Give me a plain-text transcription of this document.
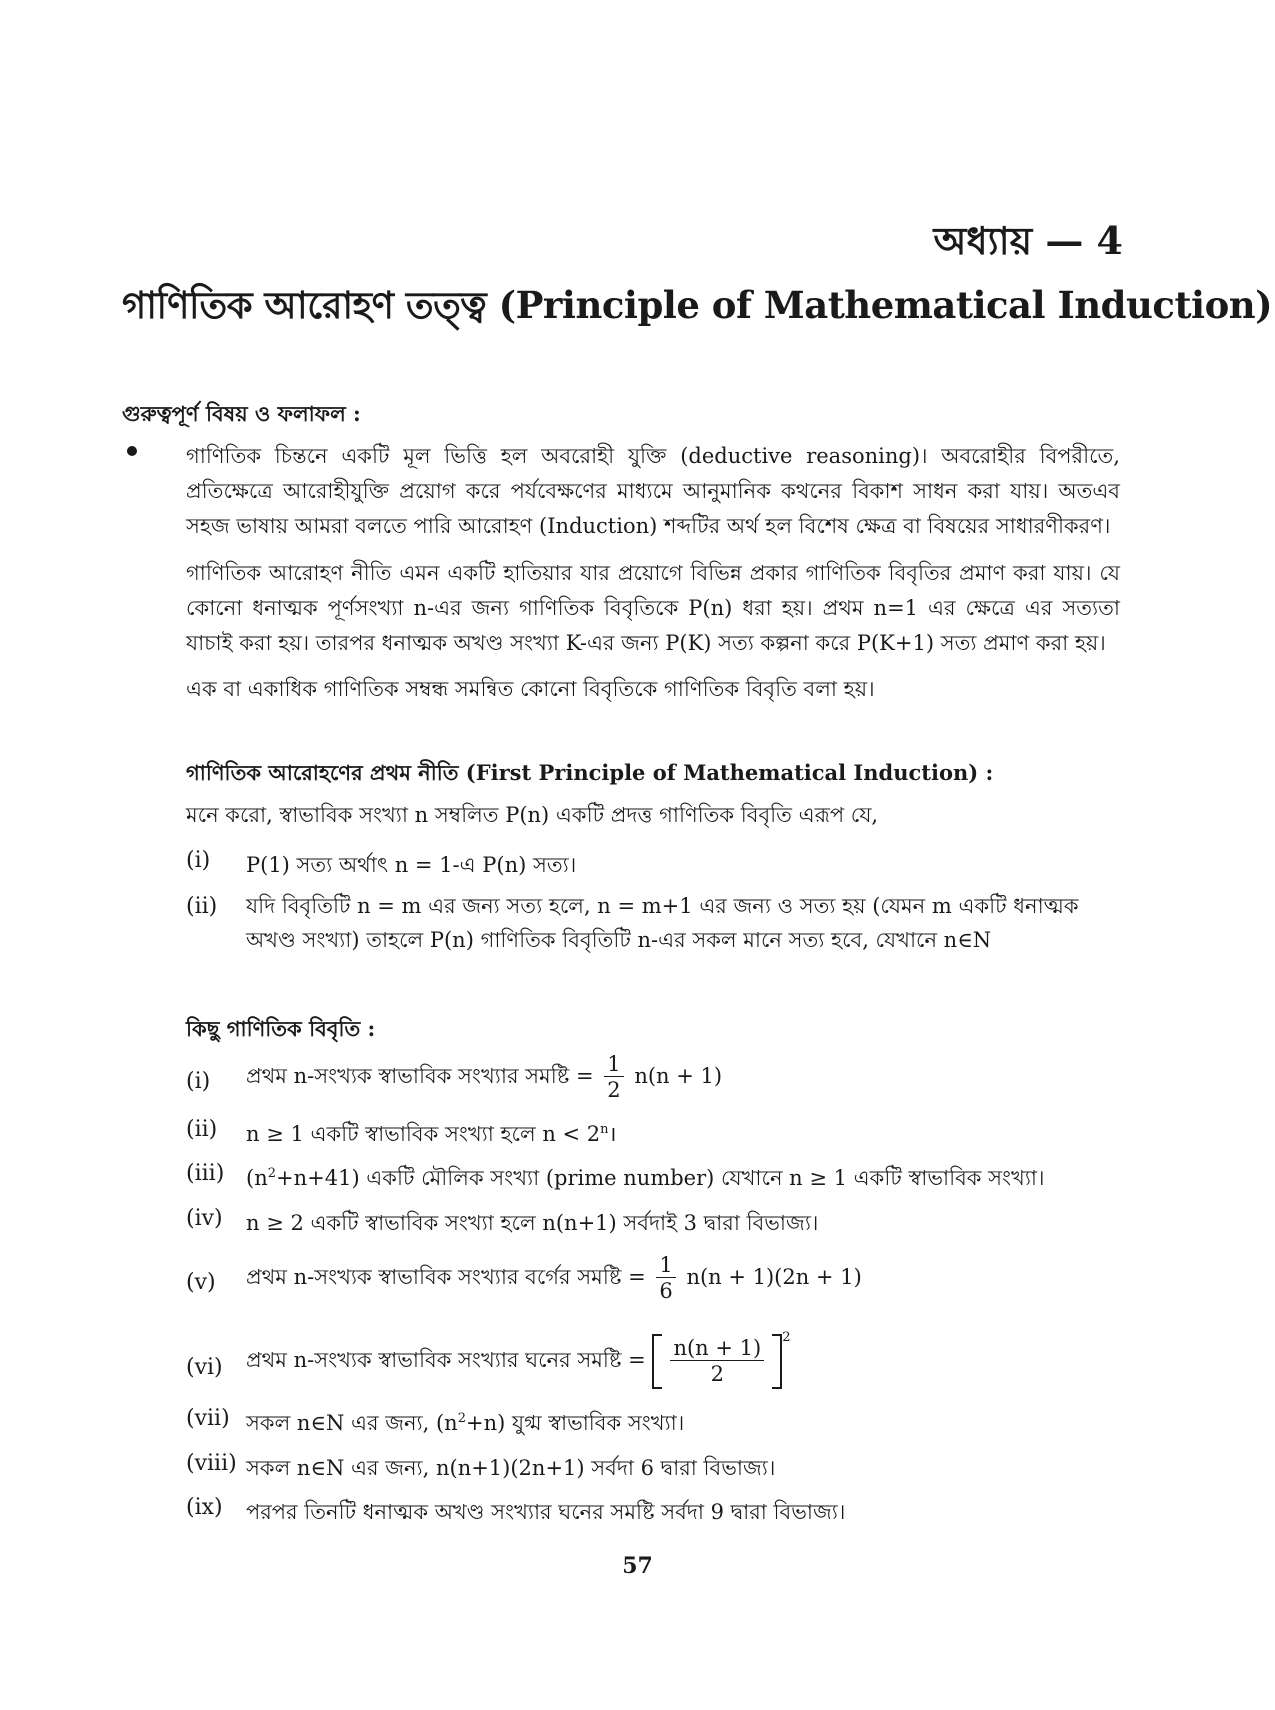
অধ্যায় — 4
গাণিতিক আরোহণ তত্ত্ব (Principle of Mathematical Induction)
গুরুত্বপূর্ণ বিষয় ও ফলাফল :
গাণিতিক চিন্তনে একটি মূল ভিত্তি হল অবরোহী যুক্তি (deductive reasoning)। অবরোহীর বিপরীতে, প্রতিক্ষেত্রে আরোহীযুক্তি প্রয়োগ করে পর্যবেক্ষণের মাধ্যমে আনুমানিক কথনের বিকাশ সাধন করা যায়। অতএব সহজ ভাষায় আমরা বলতে পারি আরোহণ (Induction) শব্দটির অর্থ হল বিশেষ ক্ষেত্র বা বিষয়ের সাধারণীকরণ।
গাণিতিক আরোহণ নীতি এমন একটি হাতিয়ার যার প্রয়োগে বিভিন্ন প্রকার গাণিতিক বিবৃতির প্রমাণ করা যায়। যে কোনো ধনাত্মক পূর্ণসংখ্যা n-এর জন্য গাণিতিক বিবৃতিকে P(n) ধরা হয়। প্রথম n=1 এর ক্ষেত্রে এর সত্যতা যাচাই করা হয়। তারপর ধনাত্মক অখণ্ড সংখ্যা K-এর জন্য P(K) সত্য কল্পনা করে P(K+1) সত্য প্রমাণ করা হয়।
এক বা একাধিক গাণিতিক সম্বন্ধ সমন্বিত কোনো বিবৃতিকে গাণিতিক বিবৃতি বলা হয়।
গাণিতিক আরোহণের প্রথম নীতি (First Principle of Mathematical Induction) :
মনে করো, স্বাভাবিক সংখ্যা n সম্বলিত P(n) একটি প্রদত্ত গাণিতিক বিবৃতি এরূপ যে,
(i) P(1) সত্য অর্থাৎ n = 1-এ P(n) সত্য।
(ii) যদি বিবৃতিটি n = m এর জন্য সত্য হলে, n = m+1 এর জন্য ও সত্য হয় (যেমন m একটি ধনাত্মক অখণ্ড সংখ্যা) তাহলে P(n) গাণিতিক বিবৃতিটি n-এর সকল মানে সত্য হবে, যেখানে n∈N
কিছু গাণিতিক বিবৃতি :
(i) প্রথম n-সংখ্যক স্বাভাবিক সংখ্যার সমষ্টি = $\frac{1}{2} n(n + 1)$
(ii) n ≥ 1 একটি স্বাভাবিক সংখ্যা হলে $n < 2^n।$
(iii) $(n^2+n+41)$ একটি মৌলিক সংখ্যা (prime number) যেখানে n ≥ 1 একটি স্বাভাবিক সংখ্যা।
(iv) n ≥ 2 একটি স্বাভাবিক সংখ্যা হলে n(n+1) সর্বদাই 3 দ্বারা বিভাজ্য।
(v) প্রথম n-সংখ্যক স্বাভাবিক সংখ্যার বর্গের সমষ্টি = $\frac{1}{6} n(n + 1)(2n + 1)$
(vi) প্রথম n-সংখ্যক স্বাভাবিক সংখ্যার ঘনের সমষ্টি = $\frac{n(n + 1)}{2} ^2$
(vii) সকল n∈N এর জন্য, $(n^2+n)$ যুগ্ম স্বাভাবিক সংখ্যা।
(viii) সকল n∈N এর জন্য, n(n+1)(2n+1) সর্বদা 6 দ্বারা বিভাজ্য।
(ix) পরপর তিনটি ধনাত্মক অখণ্ড সংখ্যার ঘনের সমষ্টি সর্বদা 9 দ্বারা বিভাজ্য।
57
